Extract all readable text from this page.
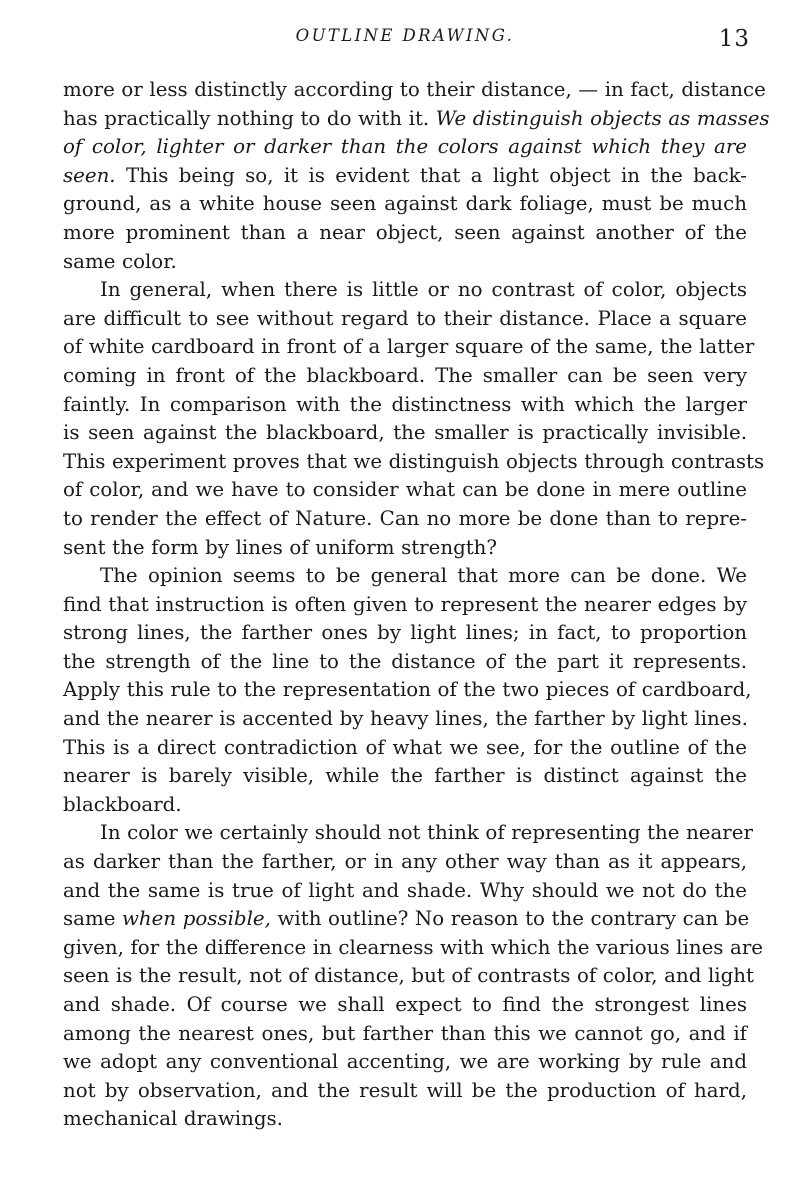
OUTLINE DRAWING.	13
more or less distinctly according to their distance, — in fact, distance
has practically nothing to do with it. We distinguish objects as masses
of color, lighter or darker than the colors against which they are
seen. This being so, it is evident that a light object in the back-
ground, as a white house seen against dark foliage, must be much
more prominent than a near object, seen against another of the
same color.
In general, when there is little or no contrast of color, objects
are difficult to see without regard to their distance. Place a square
of white cardboard in front of a larger square of the same, the latter
coming in front of the blackboard. The smaller can be seen very
faintly. In comparison with the distinctness with which the larger
is seen against the blackboard, the smaller is practically invisible.
This experiment proves that we distinguish objects through contrasts
of color, and we have to consider what can be done in mere outline
to render the effect of Nature. Can no more be done than to repre-
sent the form by lines of uniform strength?
The opinion seems to be general that more can be done. We
find that instruction is often given to represent the nearer edges by
strong lines, the farther ones by light lines; in fact, to proportion
the strength of the line to the distance of the part it represents.
Apply this rule to the representation of the two pieces of cardboard,
and the nearer is accented by heavy lines, the farther by light lines.
This is a direct contradiction of what we see, for the outline of the
nearer is barely visible, while the farther is distinct against the
blackboard.
In color we certainly should not think of representing the nearer
as darker than the farther, or in any other way than as it appears,
and the same is true of light and shade. Why should we not do the
same when possible, with outline? No reason to the contrary can be
given, for the difference in clearness with which the various lines are
seen is the result, not of distance, but of contrasts of color, and light
and shade. Of course we shall expect to find the strongest lines
among the nearest ones, but farther than this we cannot go, and if
we adopt any conventional accenting, we are working by rule and
not by observation, and the result will be the production of hard,
mechanical drawings.
